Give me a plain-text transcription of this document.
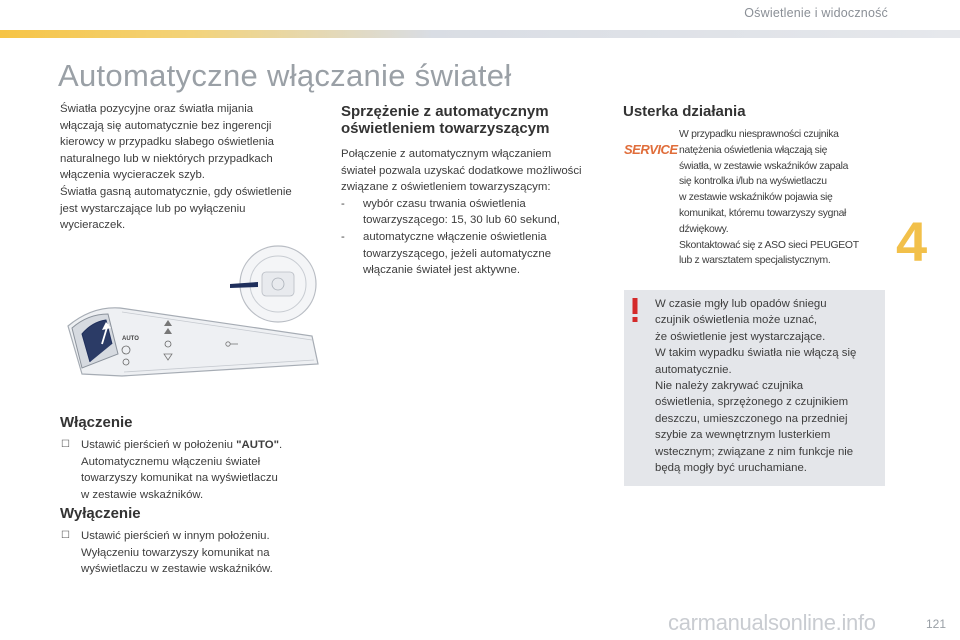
Oświetlenie i widoczność
Automatyczne włączanie świateł

Światła pozycyjne oraz światła mijania

włączają się automatycznie bez ingerencji

kierowcy w przypadku słabego oświetlenia

naturalnego lub w niektórych przypadkach

włączenia wycieraczek szyb.

Światła gasną automatycznie, gdy oświetlenie

jest wystarczające lub po wyłączeniu

wycieraczek.

AUTO
Włączenie
☐ Ustawić pierścień w położeniu "AUTO".
Automatycznemu włączeniu świateł
towarzyszy komunikat na wyświetlaczu
w zestawie wskaźników.
Wyłączenie
☐ Ustawić pierścień w innym położeniu.
Wyłączeniu towarzyszy komunikat na
wyświetlaczu w zestawie wskaźników.
Sprzężenie z automatycznym
oświetleniem towarzyszącym

Połączenie z automatycznym włączaniem

świateł pozwala uzyskać dodatkowe możliwości

związane z oświetleniem towarzyszącym:

-	wybór czasu trwania oświetlenia
towarzyszącego: 15, 30 lub 60 sekund,
-	automatyczne włączenie oświetlenia
towarzyszącego, jeżeli automatyczne
włączanie świateł jest aktywne.
Usterka działania
SERVICE
W przypadku niesprawności czujnika
natężenia oświetlenia włączają się
światła, w zestawie wskaźników zapala
się kontrolka i/lub na wyświetlaczu
w zestawie wskaźników pojawia się
komunikat, któremu towarzyszy sygnał
dźwiękowy.
Skontaktować się z ASO sieci PEUGEOT
lub z warsztatem specjalistycznym.
W czasie mgły lub opadów śniegu
czujnik oświetlenia może uznać,
że oświetlenie jest wystarczające.
W takim wypadku światła nie włączą się
automatycznie.
Nie należy zakrywać czujnika
oświetlenia, sprzężonego z czujnikiem
deszczu, umieszczonego na przedniej
szybie za wewnętrznym lusterkiem
wstecznym; związane z nim funkcje nie
będą mogły być uruchamiane.
4
carmanualsonline.info	121
